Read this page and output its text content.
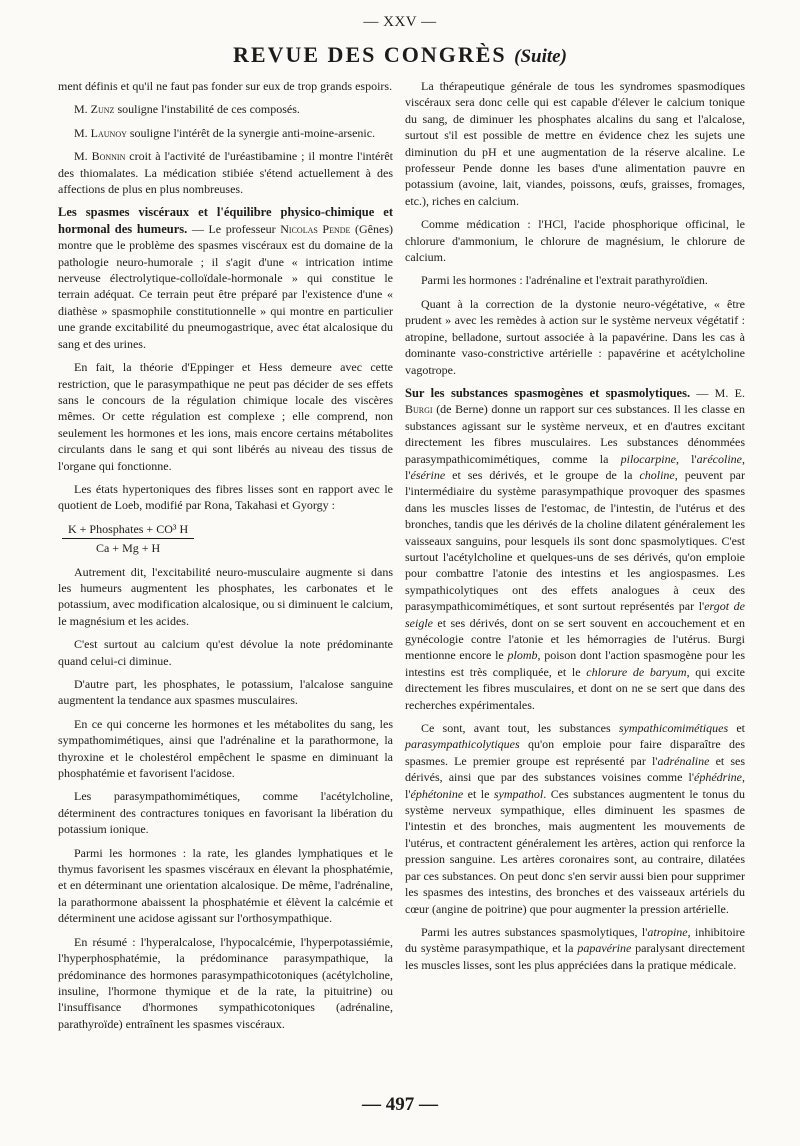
— XXV —
REVUE DES CONGRÈS (Suite)

ment définis et qu'il ne faut pas fonder sur eux de trop grands espoirs.

M. Zunz souligne l'instabilité de ces composés.

M. Launoy souligne l'intérêt de la synergie anti-moine-arsenic.

M. Bonnin croit à l'activité de l'uréastibamine ; il montre l'intérêt des thiomalates. La médication stibiée s'étend actuellement à des affections de plus en plus nombreuses.

Les spasmes viscéraux et l'équilibre physico-chimique et hormonal des humeurs. — Le professeur Nicolas Pende (Gênes) montre que le problème des spasmes viscéraux est du domaine de la pathologie neuro-humorale ; il s'agit d'une « intrication intime nerveuse électrolytique-colloïdale-hormonale » qui constitue le terrain adéquat. Ce terrain peut être préparé par l'existence d'une « diathèse » spasmophile constitutionnelle » qui montre en particulier une grande excitabilité du pneumogastrique, avec état alcalosique du sang et des urines.

En fait, la théorie d'Eppinger et Hess demeure avec cette restriction, que le parasympathique ne peut pas décider de ses effets sans le concours de la régulation chimique locale des viscères mêmes. Or cette régulation est complexe ; elle comprend, non seulement les hormones et les ions, mais encore certains métabolites circulants dans le sang et qui sont libérés au niveau des tissus de l'organe qui fonctionne.

Les états hypertoniques des fibres lisses sont en rapport avec le quotient de Loeb, modifié par Rona, Takahasi et Gyorgy :

$\frac{\text{K + Phosphates + CO³ H}}{Ca + Mg + H}$

Autrement dit, l'excitabilité neuro-musculaire augmente si dans les humeurs augmentent les phosphates, les carbonates et le potassium, avec modification alcalosique, ou si diminuent le calcium, le magnésium et les acides.

C'est surtout au calcium qu'est dévolue la note prédominante quand celui-ci diminue.

D'autre part, les phosphates, le potassium, l'alcalose sanguine augmentent la tendance aux spasmes musculaires.

En ce qui concerne les hormones et les métabolites du sang, les sympathomimétiques, ainsi que l'adrénaline et la parathormone, la thyroxine et le cholestérol empêchent le spasme en diminuant la phosphatémie et favorisent l'acidose.

Les parasympathomimétiques, comme l'acétylcholine, déterminent des contractures toniques en favorisant la libération du potassium ionique.

Parmi les hormones : la rate, les glandes lymphatiques et le thymus favorisent les spasmes viscéraux en élevant la phosphatémie, et en déterminant une orientation alcalosique. De même, l'adrénaline, la parathormone abaissent la phosphatémie et élèvent la calcémie et déterminent une acidose agissant sur l'orthosympathique.

En résumé : l'hyperalcalose, l'hypocalcémie, l'hyperpotassiémie, l'hyperphosphatémie, la prédominance parasympathique, la prédominance des hormones parasympathicotoniques (acétylcholine, insuline, l'hormone thymique et de la rate, la pituitrine) ou l'insuffisance d'hormones sympathicotoniques (adrénaline, parathyroïde) entraînent les spasmes viscéraux.

La thérapeutique générale de tous les syndromes spasmodiques viscéraux sera donc celle qui est capable d'élever le calcium tonique du sang, de diminuer les phosphates alcalins du sang et l'alcalose, surtout s'il est possible de mettre en évidence chez les sujets une diminution du pH et une augmentation de la réserve alcaline. Le professeur Pende donne les bases d'une alimentation pauvre en potassium (avoine, lait, viandes, poissons, œufs, graisses, fromages, etc.), riches en calcium.

Comme médication : l'HCl, l'acide phosphorique officinal, le chlorure d'ammonium, le chlorure de magnésium, le chlorure de calcium.

Parmi les hormones : l'adrénaline et l'extrait parathyroïdien.

Quant à la correction de la dystonie neuro-végétative, « être prudent » avec les remèdes à action sur le système nerveux végétatif : atropine, belladone, surtout associée à la papavérine. Dans les cas à dominante vaso-constrictive artérielle : papavérine et acétylcholine vagotrope.

Sur les substances spasmogènes et spasmolytiques. — M. E. Burgi (de Berne) donne un rapport sur ces substances. Il les classe en substances agissant sur le système nerveux, et en d'autres excitant directement les fibres musculaires. Les substances dénommées parasympathicomimétiques, comme la pilocarpine, l'arécoline, l'ésérine et ses dérivés, et le groupe de la choline, peuvent par l'intermédiaire du système parasympathique provoquer des spasmes dans les muscles lisses de l'estomac, de l'intestin, de l'utérus et des bronches, tandis que les dérivés de la choline dilatent généralement les vaisseaux sanguins, pour lesquels ils sont donc spasmolytiques. C'est surtout l'acétylcholine et quelques-uns de ses dérivés, qu'on emploie pour combattre l'atonie des intestins et les angiospasmes. Les sympathicolytiques ont des effets analogues à ceux des parasympathicomimétiques, et sont surtout représentés par l'ergot de seigle et ses dérivés, dont on se sert souvent en accouchement et en gynécologie contre l'atonie et les hémorragies de l'utérus. Burgi mentionne encore le plomb, poison dont l'action spasmogène pour les intestins est très compliquée, et le chlorure de baryum, qui excite directement les fibres musculaires, et dont on ne se sert que dans des recherches expérimentales.

Ce sont, avant tout, les substances sympathicomimétiques et parasympathicolytiques qu'on emploie pour faire disparaître des spasmes. Le premier groupe est représenté par l'adrénaline et ses dérivés, ainsi que par des substances voisines comme l'éphédrine, l'éphétonine et le sympathol. Ces substances augmentent le tonus du système nerveux sympathique, elles diminuent les spasmes de l'intestin et des bronches, mais augmentent les mouvements de l'utérus, et contractent généralement les artères, action qui renforce la pression sanguine. Les artères coronaires sont, au contraire, dilatées par ces substances. On peut donc s'en servir aussi bien pour supprimer les spasmes des intestins, des bronches et des vaisseaux artériels du cœur (angine de poitrine) que pour augmenter la pression artérielle.

Parmi les autres substances spasmolytiques, l'atropine, inhibitoire du système parasympathique, et la papavérine paralysant directement les muscles lisses, sont les plus appréciées dans la pratique médicale.

— 497 —
